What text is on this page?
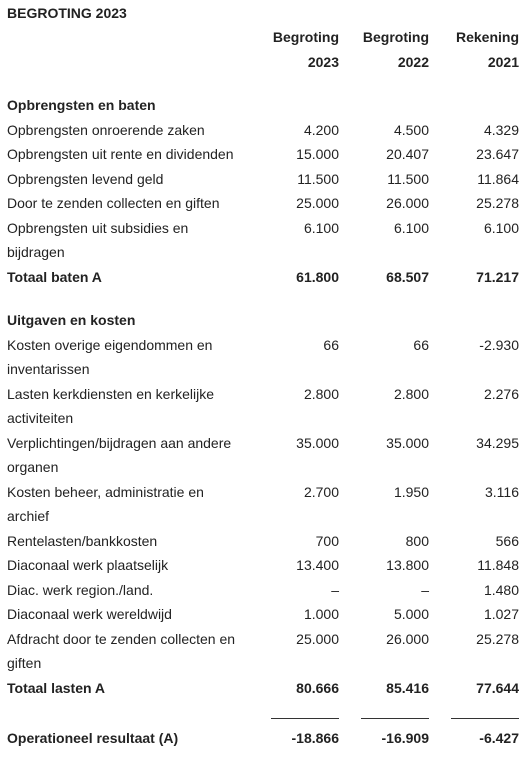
BEGROTING 2023
	Begroting	Begroting	Rekening
	2023	2022	2021

Opbrengsten en baten			

Opbrengsten onroerende zaken	4.200	4.500	4.329

Opbrengsten uit rente en dividenden	15.000	20.407	23.647

Opbrengsten levend geld	11.500	11.500	11.864

Door te zenden collecten en giften	25.000	26.000	25.278

Opbrengsten uit subsidies en bijdragen	6.100	6.100	6.100
Totaal baten A	61.800	68.507	71.217

Uitgaven en kosten			

Kosten overige eigendommen en inventarissen	66	66	-2.930

Lasten kerkdiensten en kerkelijke activiteiten	2.800	2.800	2.276

Verplichtingen/bijdragen aan andere organen	35.000	35.000	34.295

Kosten beheer, administratie en archief	2.700	1.950	3.116

Rentelasten/bankkosten	700	800	566

Diaconaal werk plaatselijk	13.400	13.800	11.848

Diac. werk region./land.	–	–	1.480

Diaconaal werk wereldwijd	1.000	5.000	1.027

Afdracht door te zenden collecten en giften	25.000	26.000	25.278
Totaal lasten A	80.666	85.416	77.644

Operationeel resultaat (A)	-18.866	-16.909	-6.427
